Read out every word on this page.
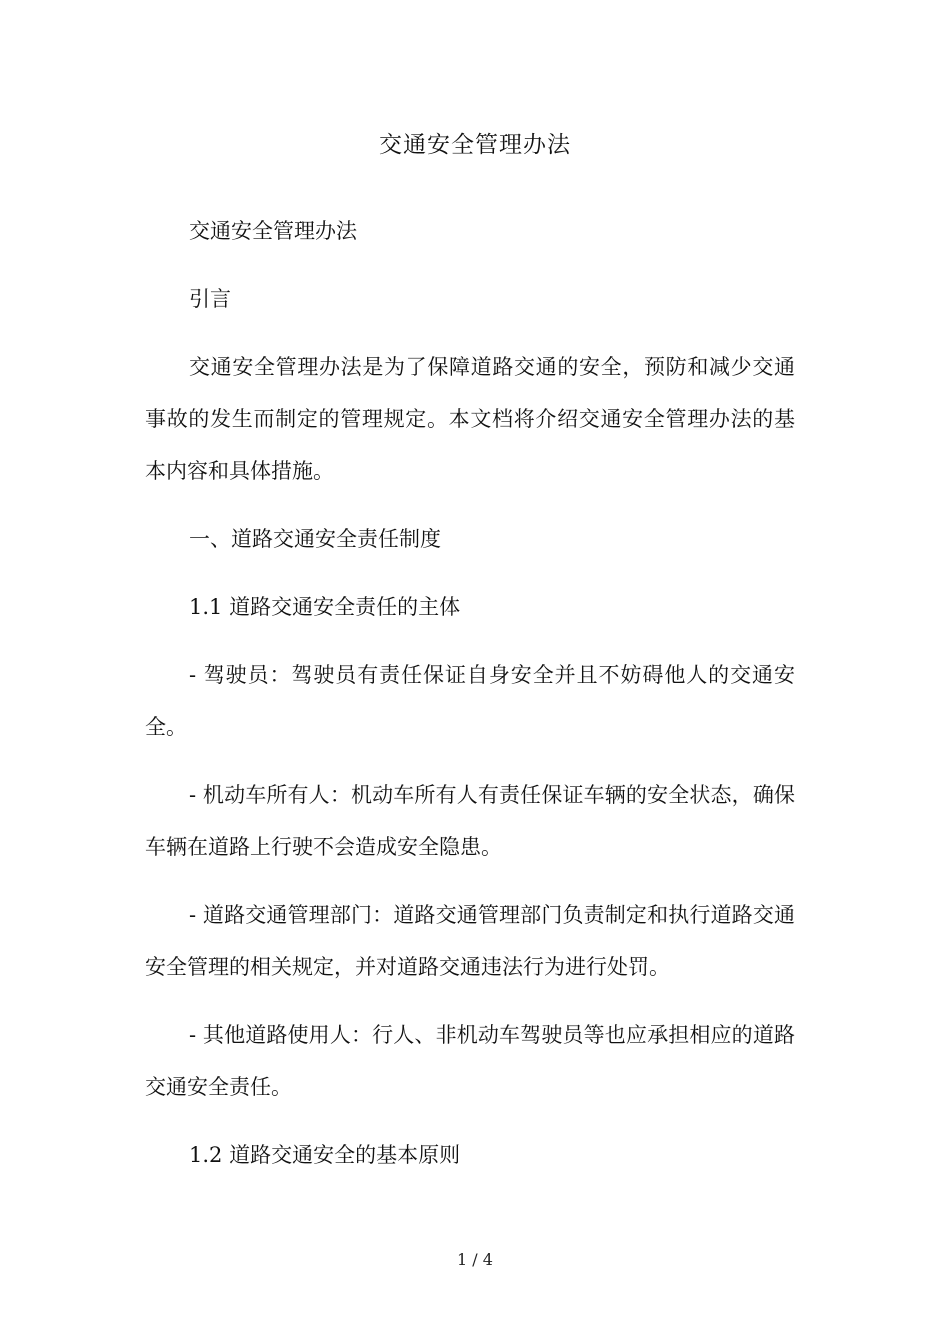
交通安全管理办法

交通安全管理办法

引言

交通安全管理办法是为了保障道路交通的安全，预防和减少交通事故的发生而制定的管理规定。本文档将介绍交通安全管理办法的基本内容和具体措施。

一、道路交通安全责任制度

1.1 道路交通安全责任的主体

- 驾驶员：驾驶员有责任保证自身安全并且不妨碍他人的交通安全。

- 机动车所有人：机动车所有人有责任保证车辆的安全状态，确保车辆在道路上行驶不会造成安全隐患。

- 道路交通管理部门：道路交通管理部门负责制定和执行道路交通安全管理的相关规定，并对道路交通违法行为进行处罚。

- 其他道路使用人：行人、非机动车驾驶员等也应承担相应的道路交通安全责任。

1.2 道路交通安全的基本原则

1 / 4
